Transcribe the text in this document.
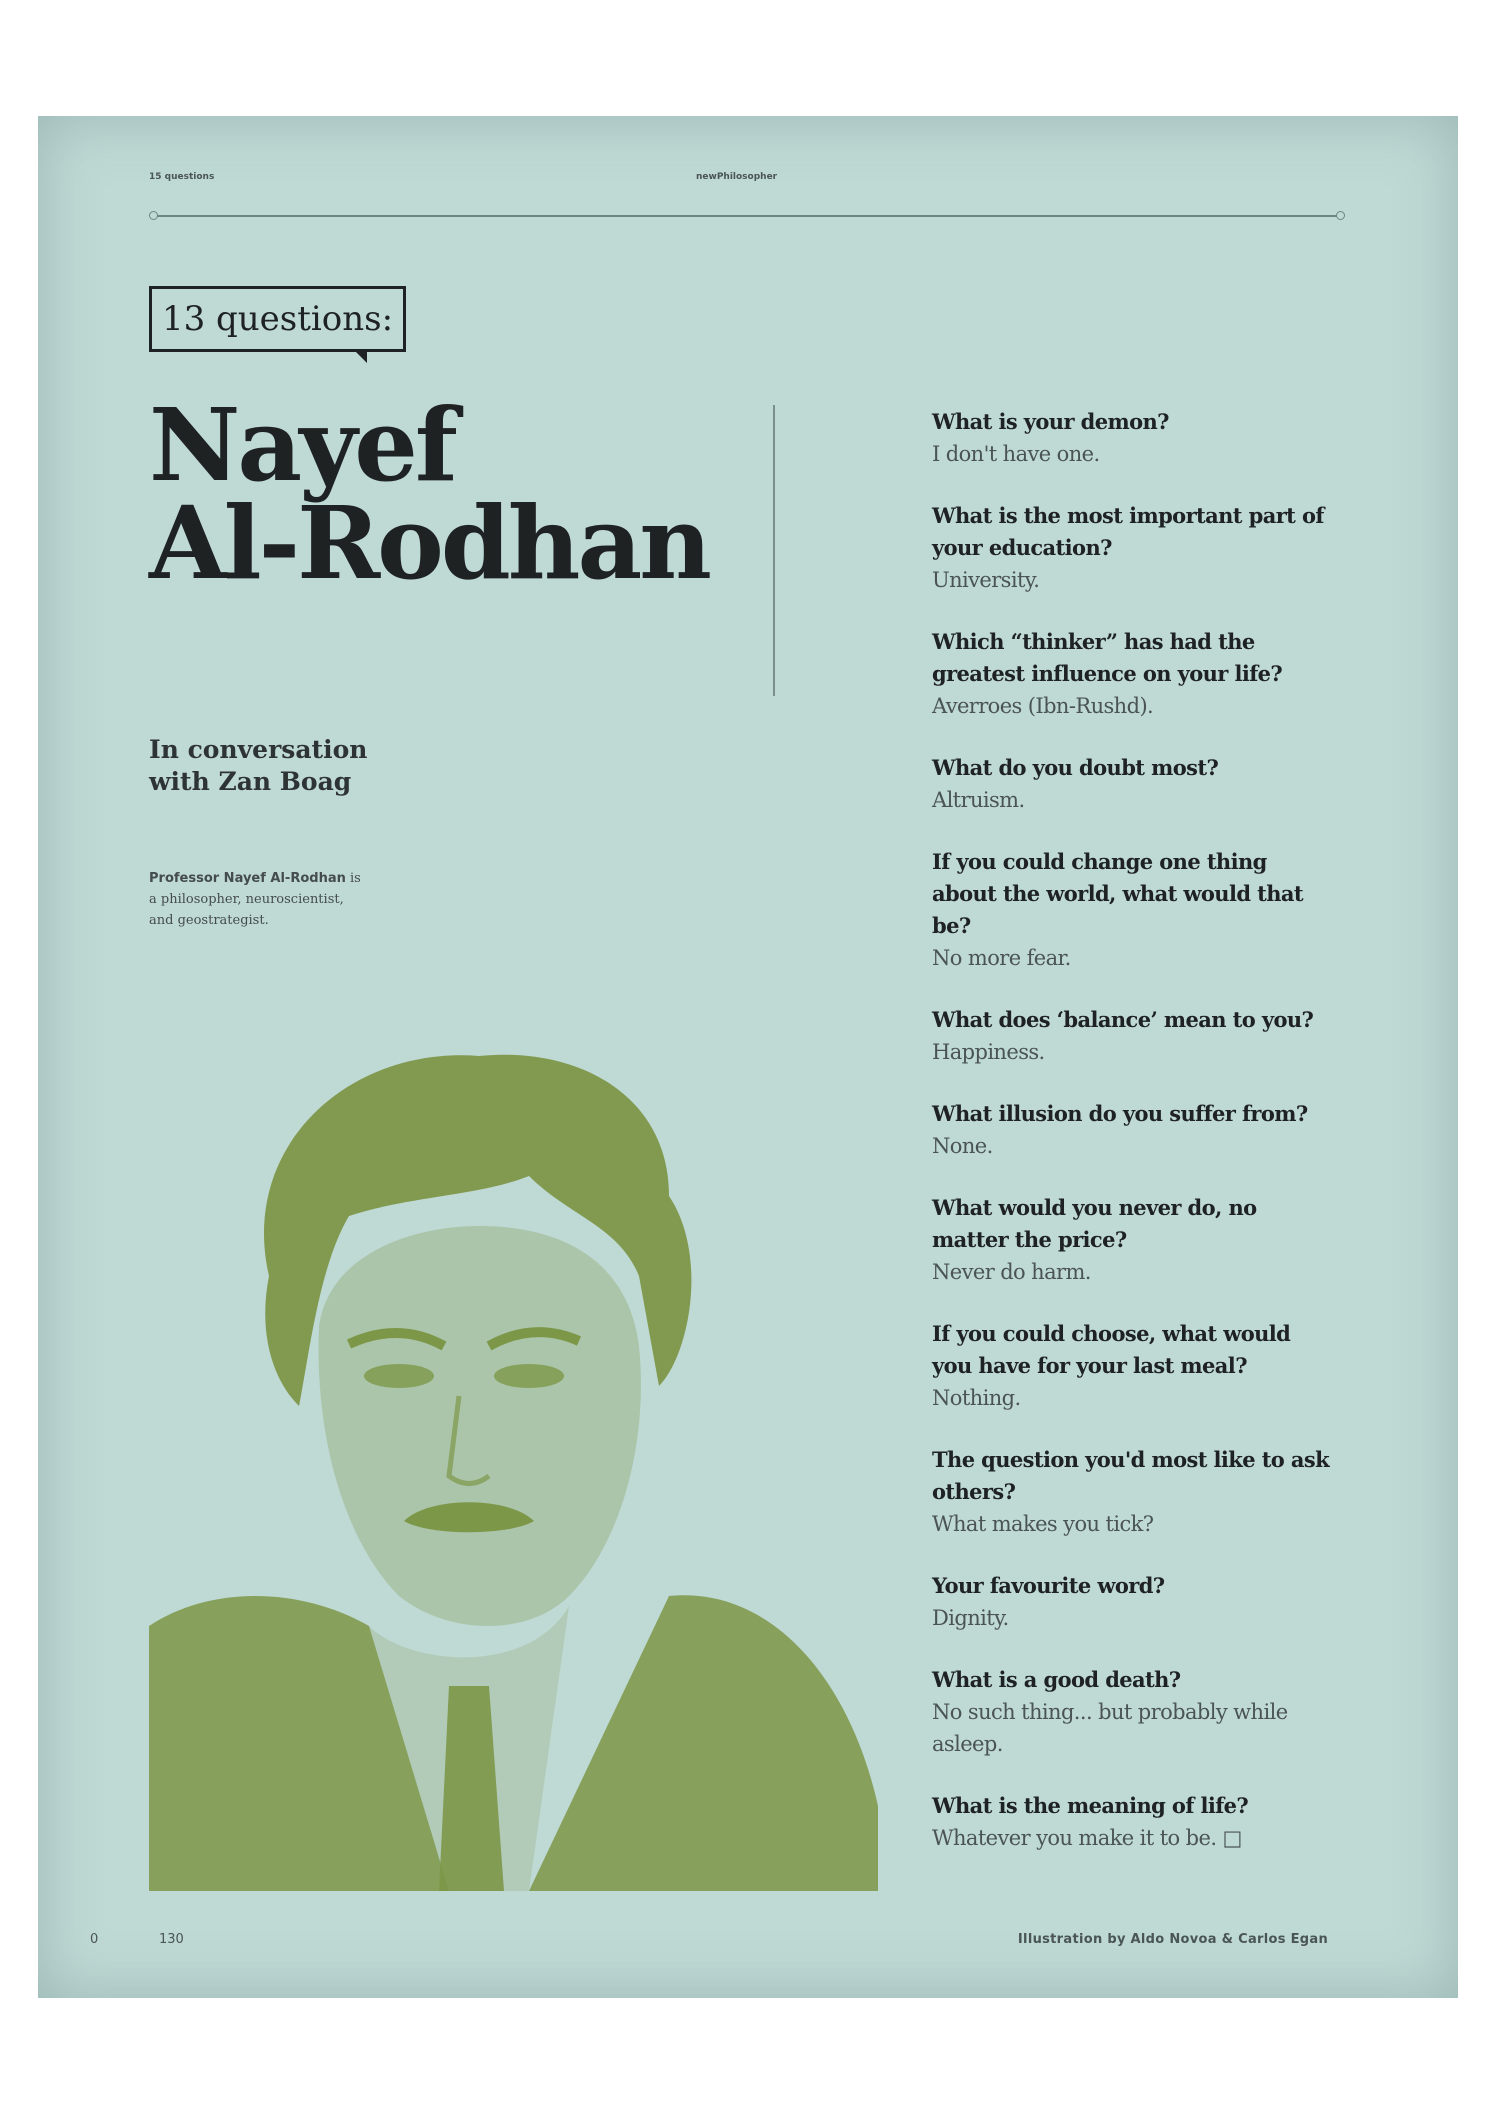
15 questions	newPhilosopher
13 questions:
Nayef
Al-Rodhan
In conversation
with Zan Boag
Professor Nayef Al-Rodhan is a philosopher, neuroscientist, and geostrategist.
What is your demon?
I don't have one.
What is the most important part of your education?
University.
Which “thinker” has had the greatest influence on your life?
Averroes (Ibn-Rushd).
What do you doubt most?
Altruism.
If you could change one thing about the world, what would that be?
No more fear.
What does ‘balance’ mean to you?
Happiness.
What illusion do you suffer from?
None.
What would you never do, no matter the price?
Never do harm.
If you could choose, what would you have for your last meal?
Nothing.
The question you'd most like to ask others?
What makes you tick?
Your favourite word?
Dignity.
What is a good death?
No such thing... but probably while asleep.
What is the meaning of life?
Whatever you make it to be. □
0	130	Illustration by Aldo Novoa & Carlos Egan
